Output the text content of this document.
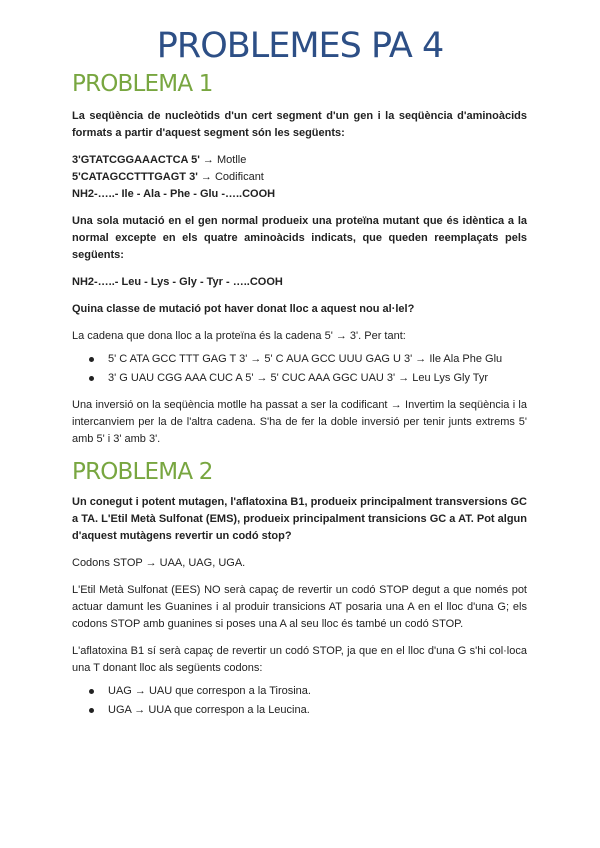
PROBLEMES PA 4
PROBLEMA 1

La seqüència de nucleòtids d'un cert segment d'un gen i la seqüència d'aminoàcids formats a partir d'aquest segment són les següents:

3'GTATCGGAAACTCA 5' → Motlle

5'CATAGCCTTTGAGT 3' → Codificant

NH2-…..- Ile - Ala - Phe - Glu -…..COOH

Una sola mutació en el gen normal produeix una proteïna mutant que és idèntica a la normal excepte en els quatre aminoàcids indicats, que queden reemplaçats pels següents:

NH2-…..- Leu - Lys - Gly - Tyr - …..COOH

Quina classe de mutació pot haver donat lloc a aquest nou al·lel?

La cadena que dona lloc a la proteïna és la cadena 5' → 3'. Per tant:

5' C ATA GCC TTT GAG T 3' → 5' C AUA GCC UUU GAG U 3' → Ile Ala Phe Glu
3' G UAU CGG AAA CUC A 5' → 5' CUC AAA GGC UAU 3' → Leu Lys Gly Tyr

Una inversió on la seqüència motlle ha passat a ser la codificant → Invertim la seqüència i la intercanviem per la de l'altra cadena. S'ha de fer la doble inversió per tenir junts extrems 5' amb 5' i 3' amb 3'.

PROBLEMA 2

Un conegut i potent mutagen, l'aflatoxina B1, produeix principalment transversions GC a TA. L'Etil Metà Sulfonat (EMS), produeix principalment transicions GC a AT. Pot algun d'aquest mutàgens revertir un codó stop?

Codons STOP → UAA, UAG, UGA.

L'Etil Metà Sulfonat (EES) NO serà capaç de revertir un codó STOP degut a que només pot actuar damunt les Guanines i al produir transicions AT posaria una A en el lloc d'una G; els codons STOP amb guanines si poses una A al seu lloc és també un codó STOP.

L'aflatoxina B1 sí serà capaç de revertir un codó STOP, ja que en el lloc d'una G s'hi col·loca una T donant lloc als següents codons:

UAG → UAU que correspon a la Tirosina.
UGA → UUA que correspon a la Leucina.
